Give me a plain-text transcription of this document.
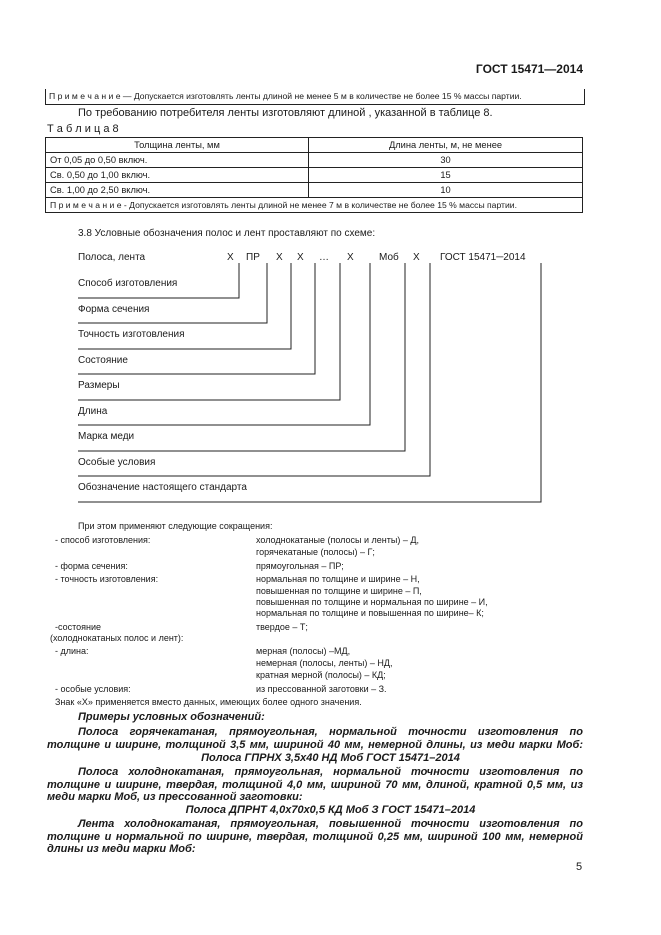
ГОСТ 15471—2014
П р и м е ч а н и е — Допускается изготовлять ленты длиной не менее 5 м в количестве не более 15 % массы партии.
По требованию потребителя ленты изготовляют длиной , указанной в таблице 8.
Т а б л и ц а 8
Толщина ленты, мм	Длина ленты, м, не менее
От 0,05 до 0,50 включ.	30
Св. 0,50 до 1,00 включ.	15
Св. 1,00 до 2,50 включ.	10
П р и м е ч а н и е - Допускается изготовлять ленты длиной не менее 7 м в количестве не более 15 % массы партии.	
3.8 Условные обозначения полос и лент проставляют по схеме:
Полоса, лента	Х ПР Х Х … Х	Моб Х ГОСТ 15471─2014
Способ изготовления
Форма сечения
Точность изготовления
Состояние
Размеры
Длина
Марка меди
Особые условия
Обозначение настоящего стандарта
При этом применяют следующие сокращения:
- способ изготовления:	холоднокатаные (полосы и ленты) – Д,
горячекатаные (полосы) – Г;
- форма сечения:	прямоугольная – ПР;
- точность изготовления:	нормальная по толщине и ширине – Н,
повышенная по толщине и ширине – П,
повышенная по толщине и нормальная по ширине – И,
нормальная по толщине и повышенная по ширине– К;
-состояние
(холоднокатаных полос и лент):
твердое – Т;
- длина:	мерная (полосы) –МД,
немерная (полосы, ленты) – НД,
кратная мерной (полосы) – КД;
- особые условия:	из прессованной заготовки – З.
Знак «Х» применяется вместо данных, имеющих более одного значения.
Примеры условных обозначений:
Полоса горячекатаная, прямоугольная, нормальной точности изготовления по
толщине и ширине, толщиной 3,5 мм, шириной 40 мм, немерной длины, из меди марки Моб:
Полоса ГПРНХ 3,5х40 НД Моб ГОСТ 15471–2014
Полоса холоднокатаная, прямоугольная, нормальной точности изготовления по
толщине и ширине, твердая, толщиной 4,0 мм, шириной 70 мм, длиной, кратной 0,5 мм, из
меди марки Моб, из прессованной заготовки:
Полоса ДПРНТ 4,0х70х0,5 КД Моб З ГОСТ 15471–2014
Лента холоднокатаная, прямоугольная, повышенной точности изготовления по
толщине и нормальной по ширине, твердая, толщиной 0,25 мм, шириной 100 мм, немерной
длины из меди марки Моб:
5
